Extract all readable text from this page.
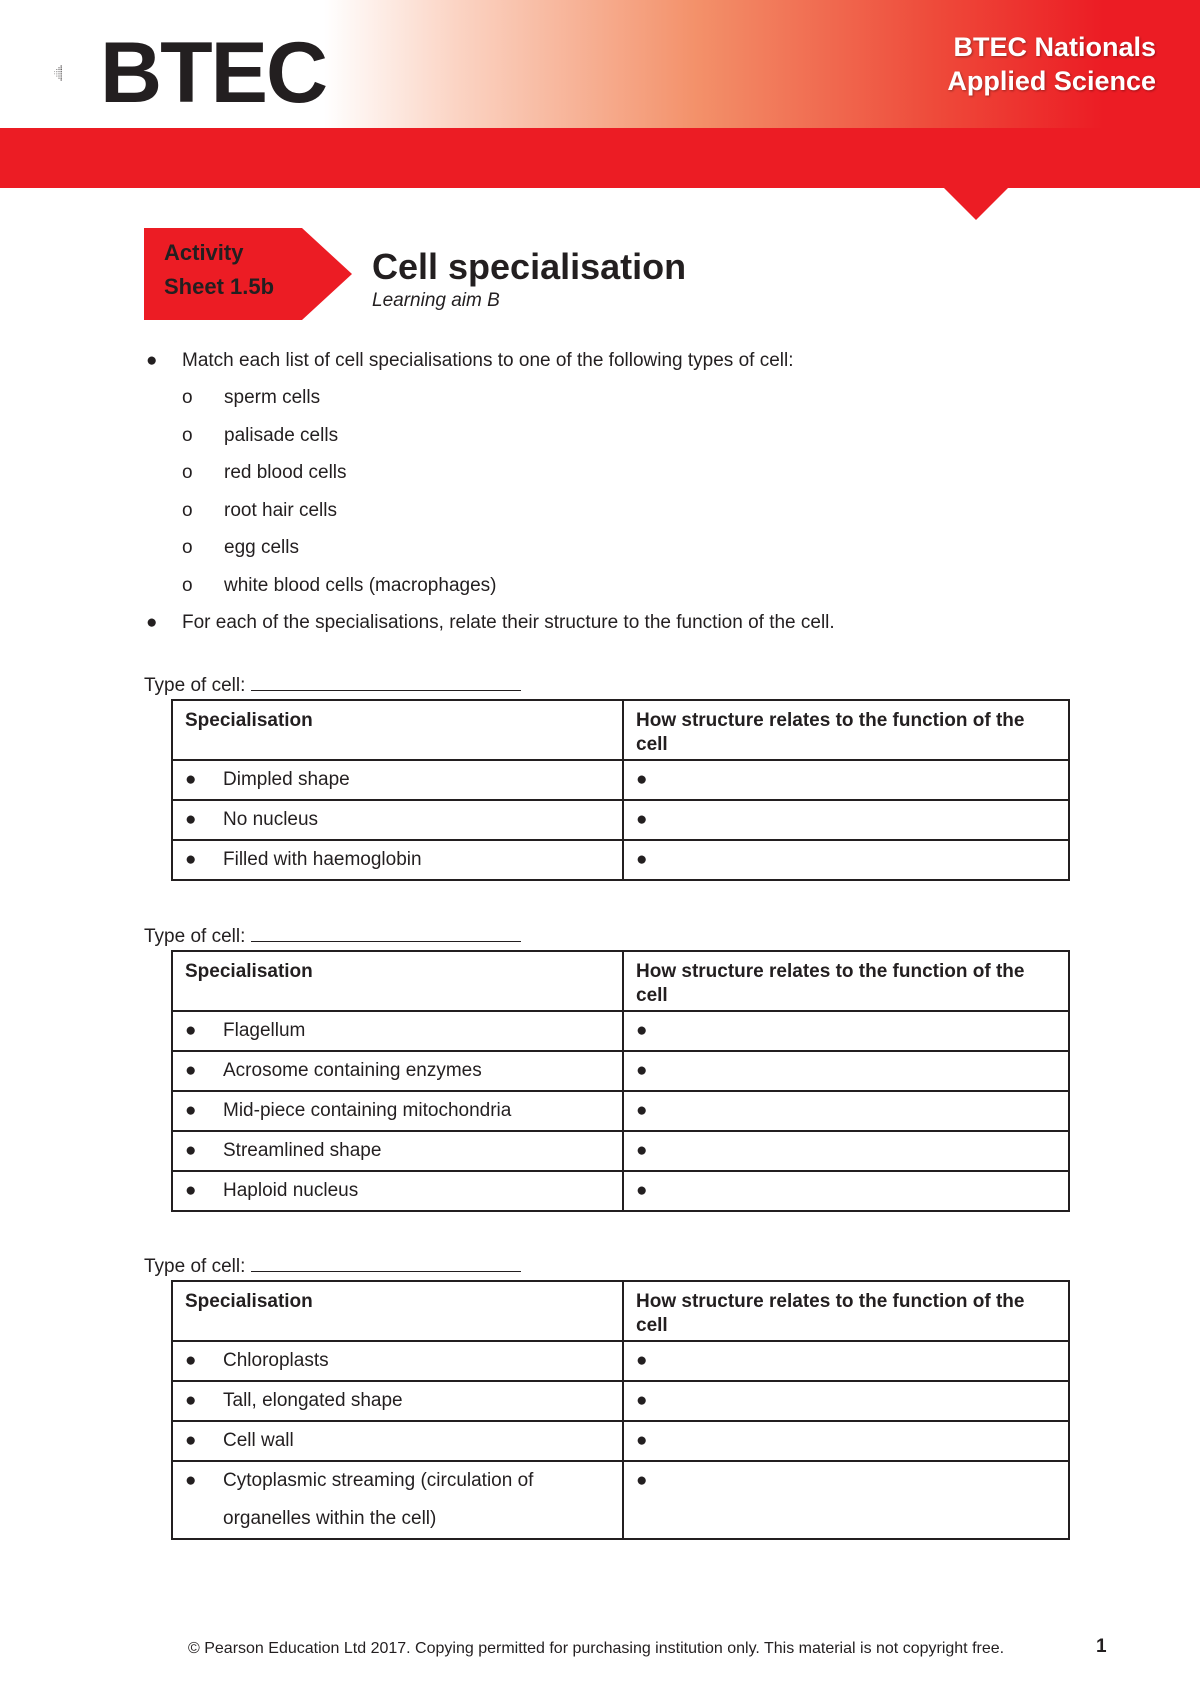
BTEC	BTEC Nationals
Applied Science
Activity
Sheet 1.5b	Cell specialisation
Learning aim B
● Match each list of cell specialisations to one of the following types of cell:
o sperm cells
o palisade cells
o red blood cells
o root hair cells
o egg cells
o white blood cells (macrophages)
● For each of the specialisations, relate their structure to the function of the cell.
Type of cell:
Specialisation	How structure relates to the function of the cell
● Dimpled shape	●
● No nucleus	●
● Filled with haemoglobin	●
Type of cell:
Specialisation	How structure relates to the function of the cell
● Flagellum	●
● Acrosome containing enzymes	●
● Mid-piece containing mitochondria	●
● Streamlined shape	●
● Haploid nucleus	●
Type of cell:
Specialisation	How structure relates to the function of the cell
● Chloroplasts	●
● Tall, elongated shape	●
● Cell wall	●
● Cytoplasmic streaming (circulation of organelles within the cell)	●
© Pearson Education Ltd 2017. Copying permitted for purchasing institution only. This material is not copyright free.	1
